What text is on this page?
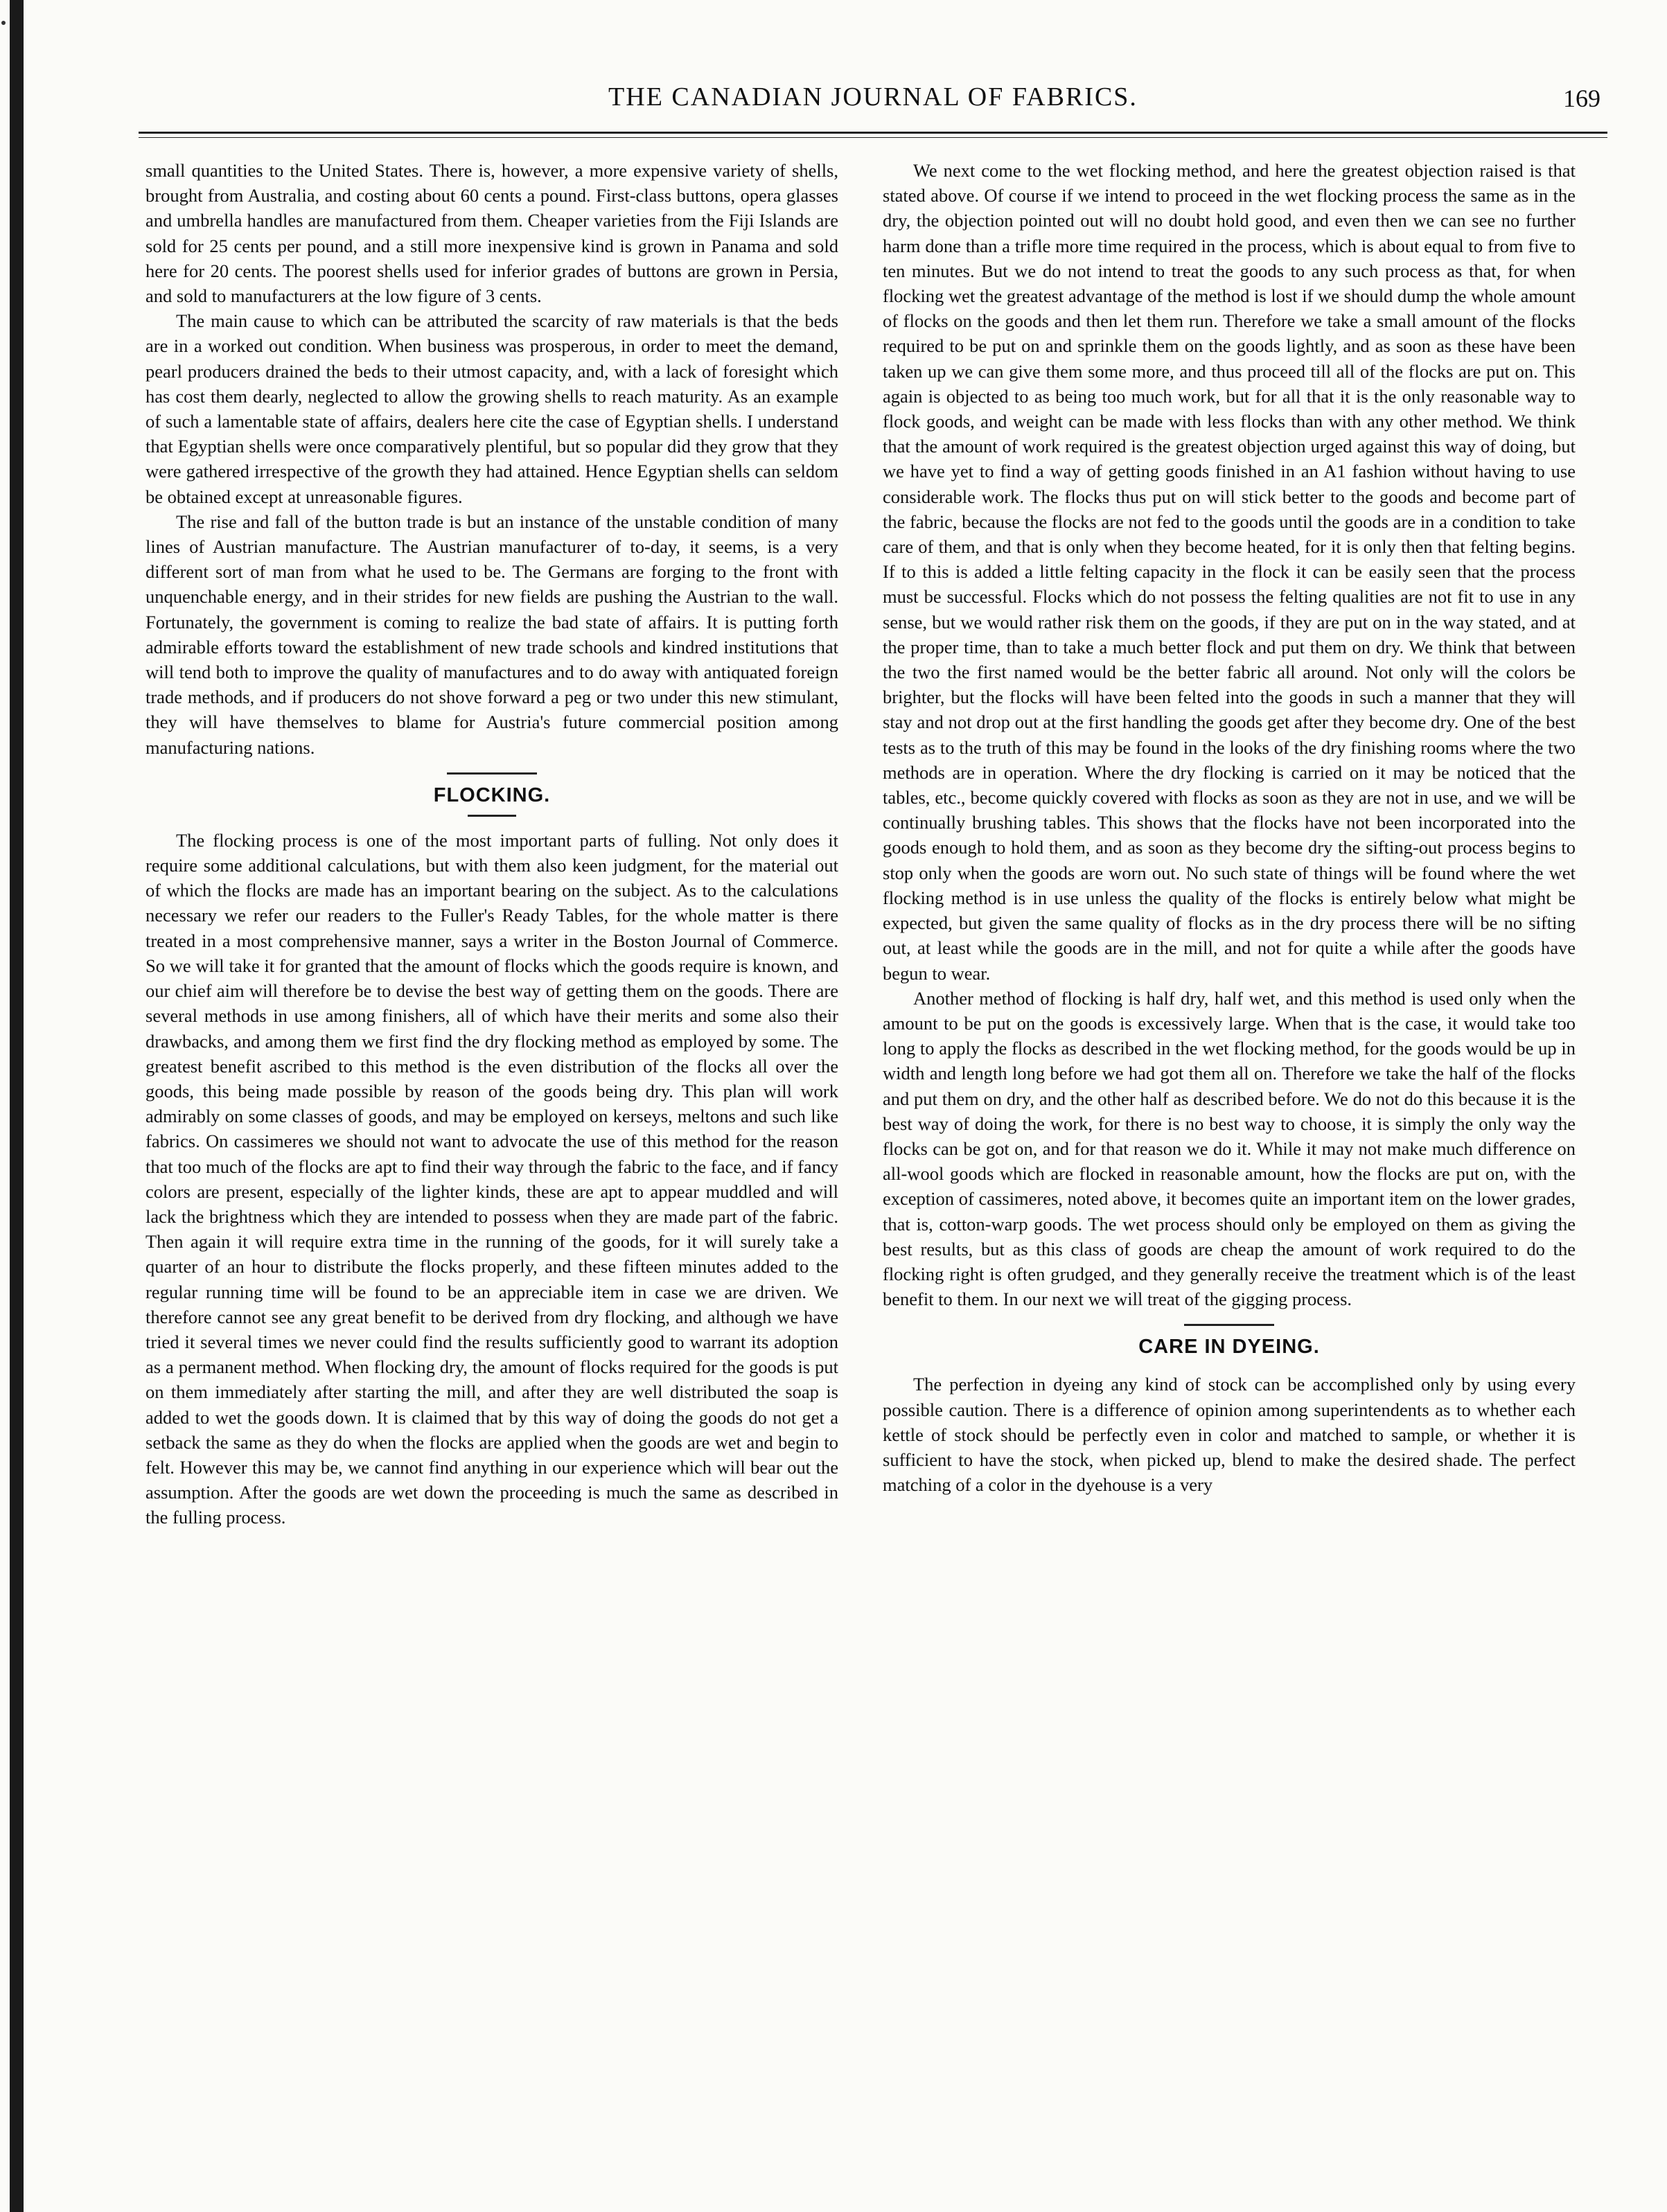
THE CANADIAN JOURNAL OF FABRICS.	169

small quantities to the United States. There is, however, a more expensive variety of shells, brought from Australia, and costing about 60 cents a pound. First-class buttons, opera glasses and umbrella handles are manufactured from them. Cheaper varieties from the Fiji Islands are sold for 25 cents per pound, and a still more inexpensive kind is grown in Panama and sold here for 20 cents. The poorest shells used for inferior grades of buttons are grown in Persia, and sold to manufacturers at the low figure of 3 cents.

The main cause to which can be attributed the scarcity of raw materials is that the beds are in a worked out condition. When business was prosperous, in order to meet the demand, pearl producers drained the beds to their utmost capacity, and, with a lack of foresight which has cost them dearly, neglected to allow the growing shells to reach maturity. As an example of such a lamentable state of affairs, dealers here cite the case of Egyptian shells. I understand that Egyptian shells were once comparatively plentiful, but so popular did they grow that they were gathered irrespective of the growth they had attained. Hence Egyptian shells can seldom be obtained except at unreasonable figures.

The rise and fall of the button trade is but an instance of the unstable condition of many lines of Austrian manufacture. The Austrian manufacturer of to-day, it seems, is a very different sort of man from what he used to be. The Germans are forging to the front with unquenchable energy, and in their strides for new fields are pushing the Austrian to the wall. Fortunately, the government is coming to realize the bad state of affairs. It is putting forth admirable efforts toward the establishment of new trade schools and kindred institutions that will tend both to improve the quality of manufactures and to do away with antiquated foreign trade methods, and if producers do not shove forward a peg or two under this new stimulant, they will have themselves to blame for Austria's future commercial position among manufacturing nations.

FLOCKING.

The flocking process is one of the most important parts of fulling. Not only does it require some additional calculations, but with them also keen judgment, for the material out of which the flocks are made has an important bearing on the subject. As to the calculations necessary we refer our readers to the Fuller's Ready Tables, for the whole matter is there treated in a most comprehensive manner, says a writer in the Boston Journal of Commerce. So we will take it for granted that the amount of flocks which the goods require is known, and our chief aim will therefore be to devise the best way of getting them on the goods. There are several methods in use among finishers, all of which have their merits and some also their drawbacks, and among them we first find the dry flocking method as employed by some. The greatest benefit ascribed to this method is the even distribution of the flocks all over the goods, this being made possible by reason of the goods being dry. This plan will work admirably on some classes of goods, and may be employed on kerseys, meltons and such like fabrics. On cassimeres we should not want to advocate the use of this method for the reason that too much of the flocks are apt to find their way through the fabric to the face, and if fancy colors are present, especially of the lighter kinds, these are apt to appear muddled and will lack the brightness which they are intended to possess when they are made part of the fabric. Then again it will require extra time in the running of the goods, for it will surely take a quarter of an hour to distribute the flocks properly, and these fifteen minutes added to the regular running time will be found to be an appreciable item in case we are driven. We therefore cannot see any great benefit to be derived from dry flocking, and although we have tried it several times we never could find the results sufficiently good to warrant its adoption as a permanent method. When flocking dry, the amount of flocks required for the goods is put on them immediately after starting the mill, and after they are well distributed the soap is added to wet the goods down. It is claimed that by this way of doing the goods do not get a setback the same as they do when the flocks are applied when the goods are wet and begin to felt. However this may be, we cannot find anything in our experience which will bear out the assumption. After the goods are wet down the proceeding is much the same as described in the fulling process.

We next come to the wet flocking method, and here the greatest objection raised is that stated above. Of course if we intend to proceed in the wet flocking process the same as in the dry, the objection pointed out will no doubt hold good, and even then we can see no further harm done than a trifle more time required in the process, which is about equal to from five to ten minutes. But we do not intend to treat the goods to any such process as that, for when flocking wet the greatest advantage of the method is lost if we should dump the whole amount of flocks on the goods and then let them run. Therefore we take a small amount of the flocks required to be put on and sprinkle them on the goods lightly, and as soon as these have been taken up we can give them some more, and thus proceed till all of the flocks are put on. This again is objected to as being too much work, but for all that it is the only reasonable way to flock goods, and weight can be made with less flocks than with any other method. We think that the amount of work required is the greatest objection urged against this way of doing, but we have yet to find a way of getting goods finished in an A1 fashion without having to use considerable work. The flocks thus put on will stick better to the goods and become part of the fabric, because the flocks are not fed to the goods until the goods are in a condition to take care of them, and that is only when they become heated, for it is only then that felting begins. If to this is added a little felting capacity in the flock it can be easily seen that the process must be successful. Flocks which do not possess the felting qualities are not fit to use in any sense, but we would rather risk them on the goods, if they are put on in the way stated, and at the proper time, than to take a much better flock and put them on dry. We think that between the two the first named would be the better fabric all around. Not only will the colors be brighter, but the flocks will have been felted into the goods in such a manner that they will stay and not drop out at the first handling the goods get after they become dry. One of the best tests as to the truth of this may be found in the looks of the dry finishing rooms where the two methods are in operation. Where the dry flocking is carried on it may be noticed that the tables, etc., become quickly covered with flocks as soon as they are not in use, and we will be continually brushing tables. This shows that the flocks have not been incorporated into the goods enough to hold them, and as soon as they become dry the sifting-out process begins to stop only when the goods are worn out. No such state of things will be found where the wet flocking method is in use unless the quality of the flocks is entirely below what might be expected, but given the same quality of flocks as in the dry process there will be no sifting out, at least while the goods are in the mill, and not for quite a while after the goods have begun to wear.

Another method of flocking is half dry, half wet, and this method is used only when the amount to be put on the goods is excessively large. When that is the case, it would take too long to apply the flocks as described in the wet flocking method, for the goods would be up in width and length long before we had got them all on. Therefore we take the half of the flocks and put them on dry, and the other half as described before. We do not do this because it is the best way of doing the work, for there is no best way to choose, it is simply the only way the flocks can be got on, and for that reason we do it. While it may not make much difference on all-wool goods which are flocked in reasonable amount, how the flocks are put on, with the exception of cassimeres, noted above, it becomes quite an important item on the lower grades, that is, cotton-warp goods. The wet process should only be employed on them as giving the best results, but as this class of goods are cheap the amount of work required to do the flocking right is often grudged, and they generally receive the treatment which is of the least benefit to them. In our next we will treat of the gigging process.

CARE IN DYEING.

The perfection in dyeing any kind of stock can be accomplished only by using every possible caution. There is a difference of opinion among superintendents as to whether each kettle of stock should be perfectly even in color and matched to sample, or whether it is sufficient to have the stock, when picked up, blend to make the desired shade. The perfect matching of a color in the dyehouse is a very
